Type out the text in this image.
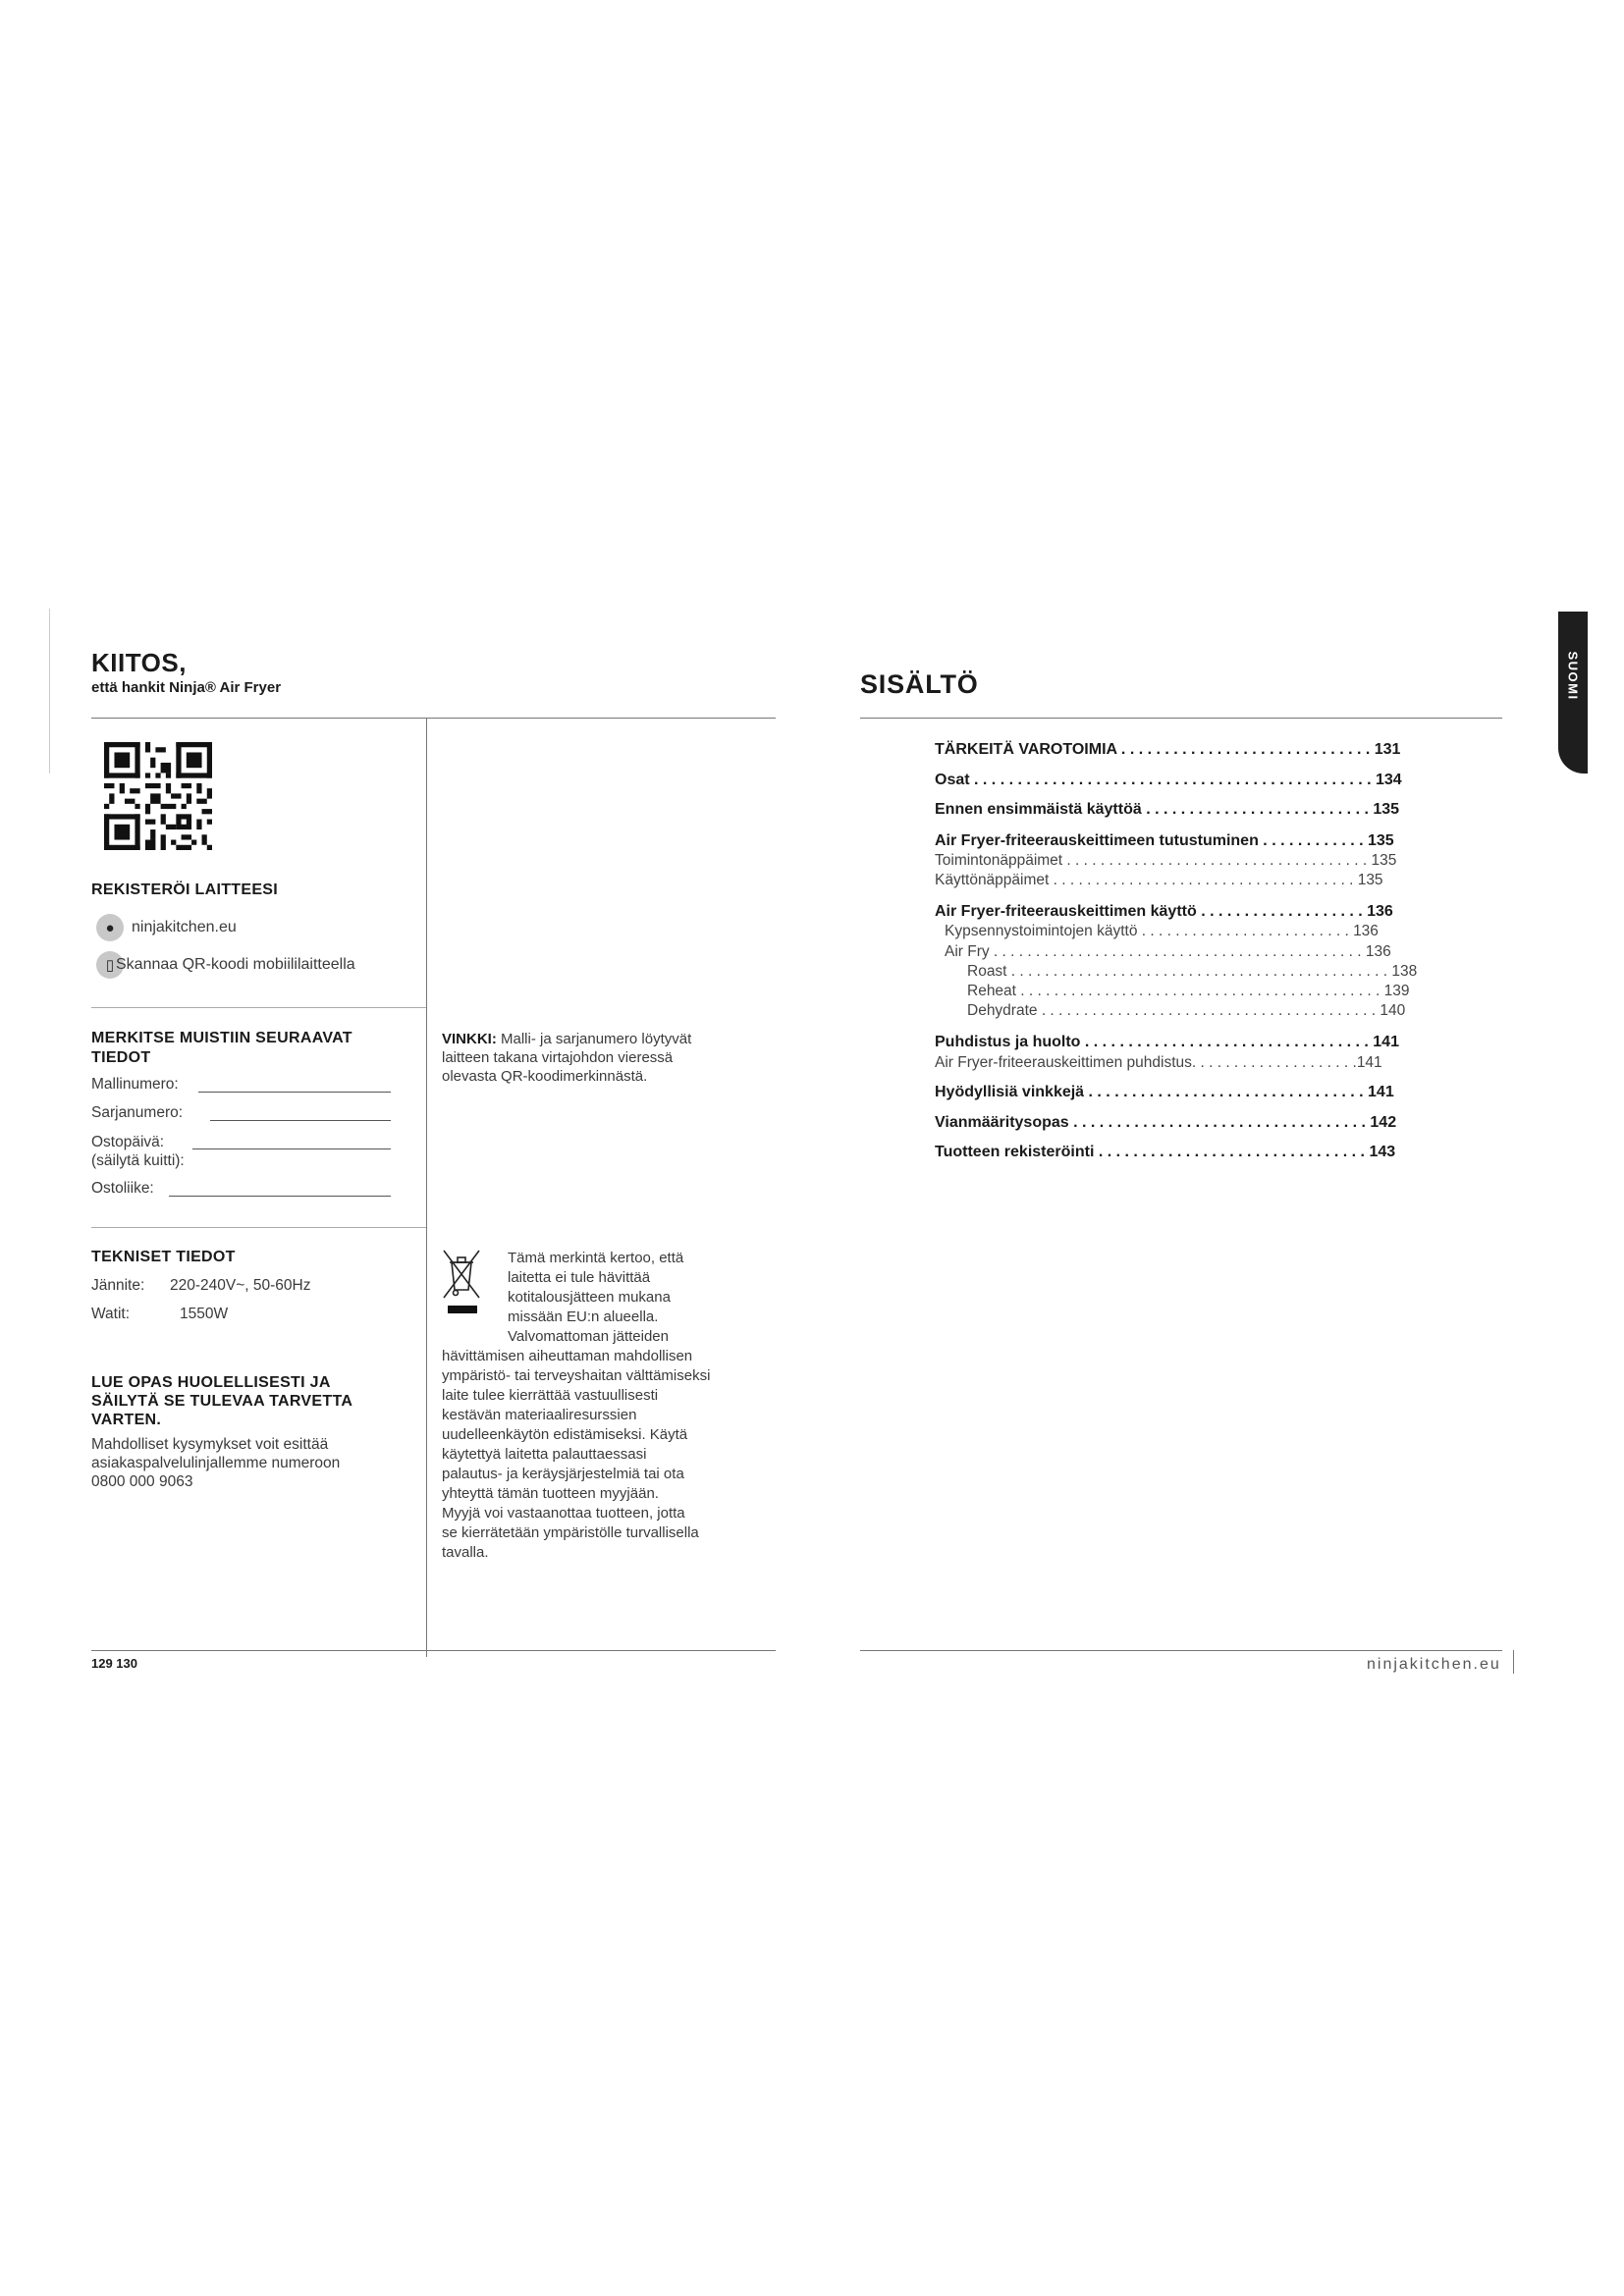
KIITOS,
että hankit Ninja® Air Fryer
REKISTERÖI LAITTEESI
●	ninjakitchen.eu
▯ Skannaa QR-koodi mobiililaitteella
MERKITSE MUISTIIN SEURAAVAT
TIEDOT
Mallinumero:
Sarjanumero:
Ostopäivä:
(säilytä kuitti):
Ostoliike:
VINKKI: Malli- ja sarjanumero löytyvät
laitteen takana virtajohdon vieressä
olevasta QR-koodimerkinnästä.
TEKNISET TIEDOT
Jännite: 220-240V~, 50-60Hz
Watit:	1550W
LUE OPAS HUOLELLISESTI JA
SÄILYTÄ SE TULEVAA TARVETTA
VARTEN.
Mahdolliset kysymykset voit esittää
asiakaspalvelulinjallemme numeroon
0800 000 9063
Tämä merkintä kertoo, että
laitetta ei tule hävittää
kotitalousjätteen mukana
missään EU:n alueella.
Valvomattoman jätteiden
hävittämisen aiheuttaman mahdollisen
ympäristö- tai terveyshaitan välttämiseksi
laite tulee kierrättää vastuullisesti
kestävän materiaaliresurssien
uudelleenkäytön edistämiseksi. Käytä
käytettyä laitetta palauttaessasi
palautus- ja keräysjärjestelmiä tai ota
yhteyttä tämän tuotteen myyjään.
Myyjä voi vastaanottaa tuotteen, jotta
se kierrätetään ympäristölle turvallisella
tavalla.
129 130
SISÄLTÖ	SUOMI
TÄRKEITÄ VAROTOIMIA . . . . . . . . . . . . . . . . . . . . . . . . . . . . . 131
Osat . . . . . . . . . . . . . . . . . . . . . . . . . . . . . . . . . . . . . . . . . . . . . . 134
Ennen ensimmäistä käyttöä . . . . . . . . . . . . . . . . . . . . . . . . . . 135
Air Fryer-friteerauskeittimeen tutustuminen . . . . . . . . . . . . 135
Toimintonäppäimet . . . . . . . . . . . . . . . . . . . . . . . . . . . . . . . . . . . . 135
Käyttönäppäimet . . . . . . . . . . . . . . . . . . . . . . . . . . . . . . . . . . . . 135
Air Fryer-friteerauskeittimen käyttö . . . . . . . . . . . . . . . . . . . 136
Kypsennystoimintojen käyttö . . . . . . . . . . . . . . . . . . . . . . . . . 136
Air Fry . . . . . . . . . . . . . . . . . . . . . . . . . . . . . . . . . . . . . . . . . . . . 136
Roast . . . . . . . . . . . . . . . . . . . . . . . . . . . . . . . . . . . . . . . . . . . . . 138
Reheat . . . . . . . . . . . . . . . . . . . . . . . . . . . . . . . . . . . . . . . . . . . 139
Dehydrate . . . . . . . . . . . . . . . . . . . . . . . . . . . . . . . . . . . . . . . . 140
Puhdistus ja huolto . . . . . . . . . . . . . . . . . . . . . . . . . . . . . . . . . 141
Air Fryer-friteerauskeittimen puhdistus. . . . . . . . . . . . . . . . . . . .141
Hyödyllisiä vinkkejä . . . . . . . . . . . . . . . . . . . . . . . . . . . . . . . . 141
Vianmääritysopas . . . . . . . . . . . . . . . . . . . . . . . . . . . . . . . . . . 142
Tuotteen rekisteröinti . . . . . . . . . . . . . . . . . . . . . . . . . . . . . . . 143
ninjakitchen.eu
